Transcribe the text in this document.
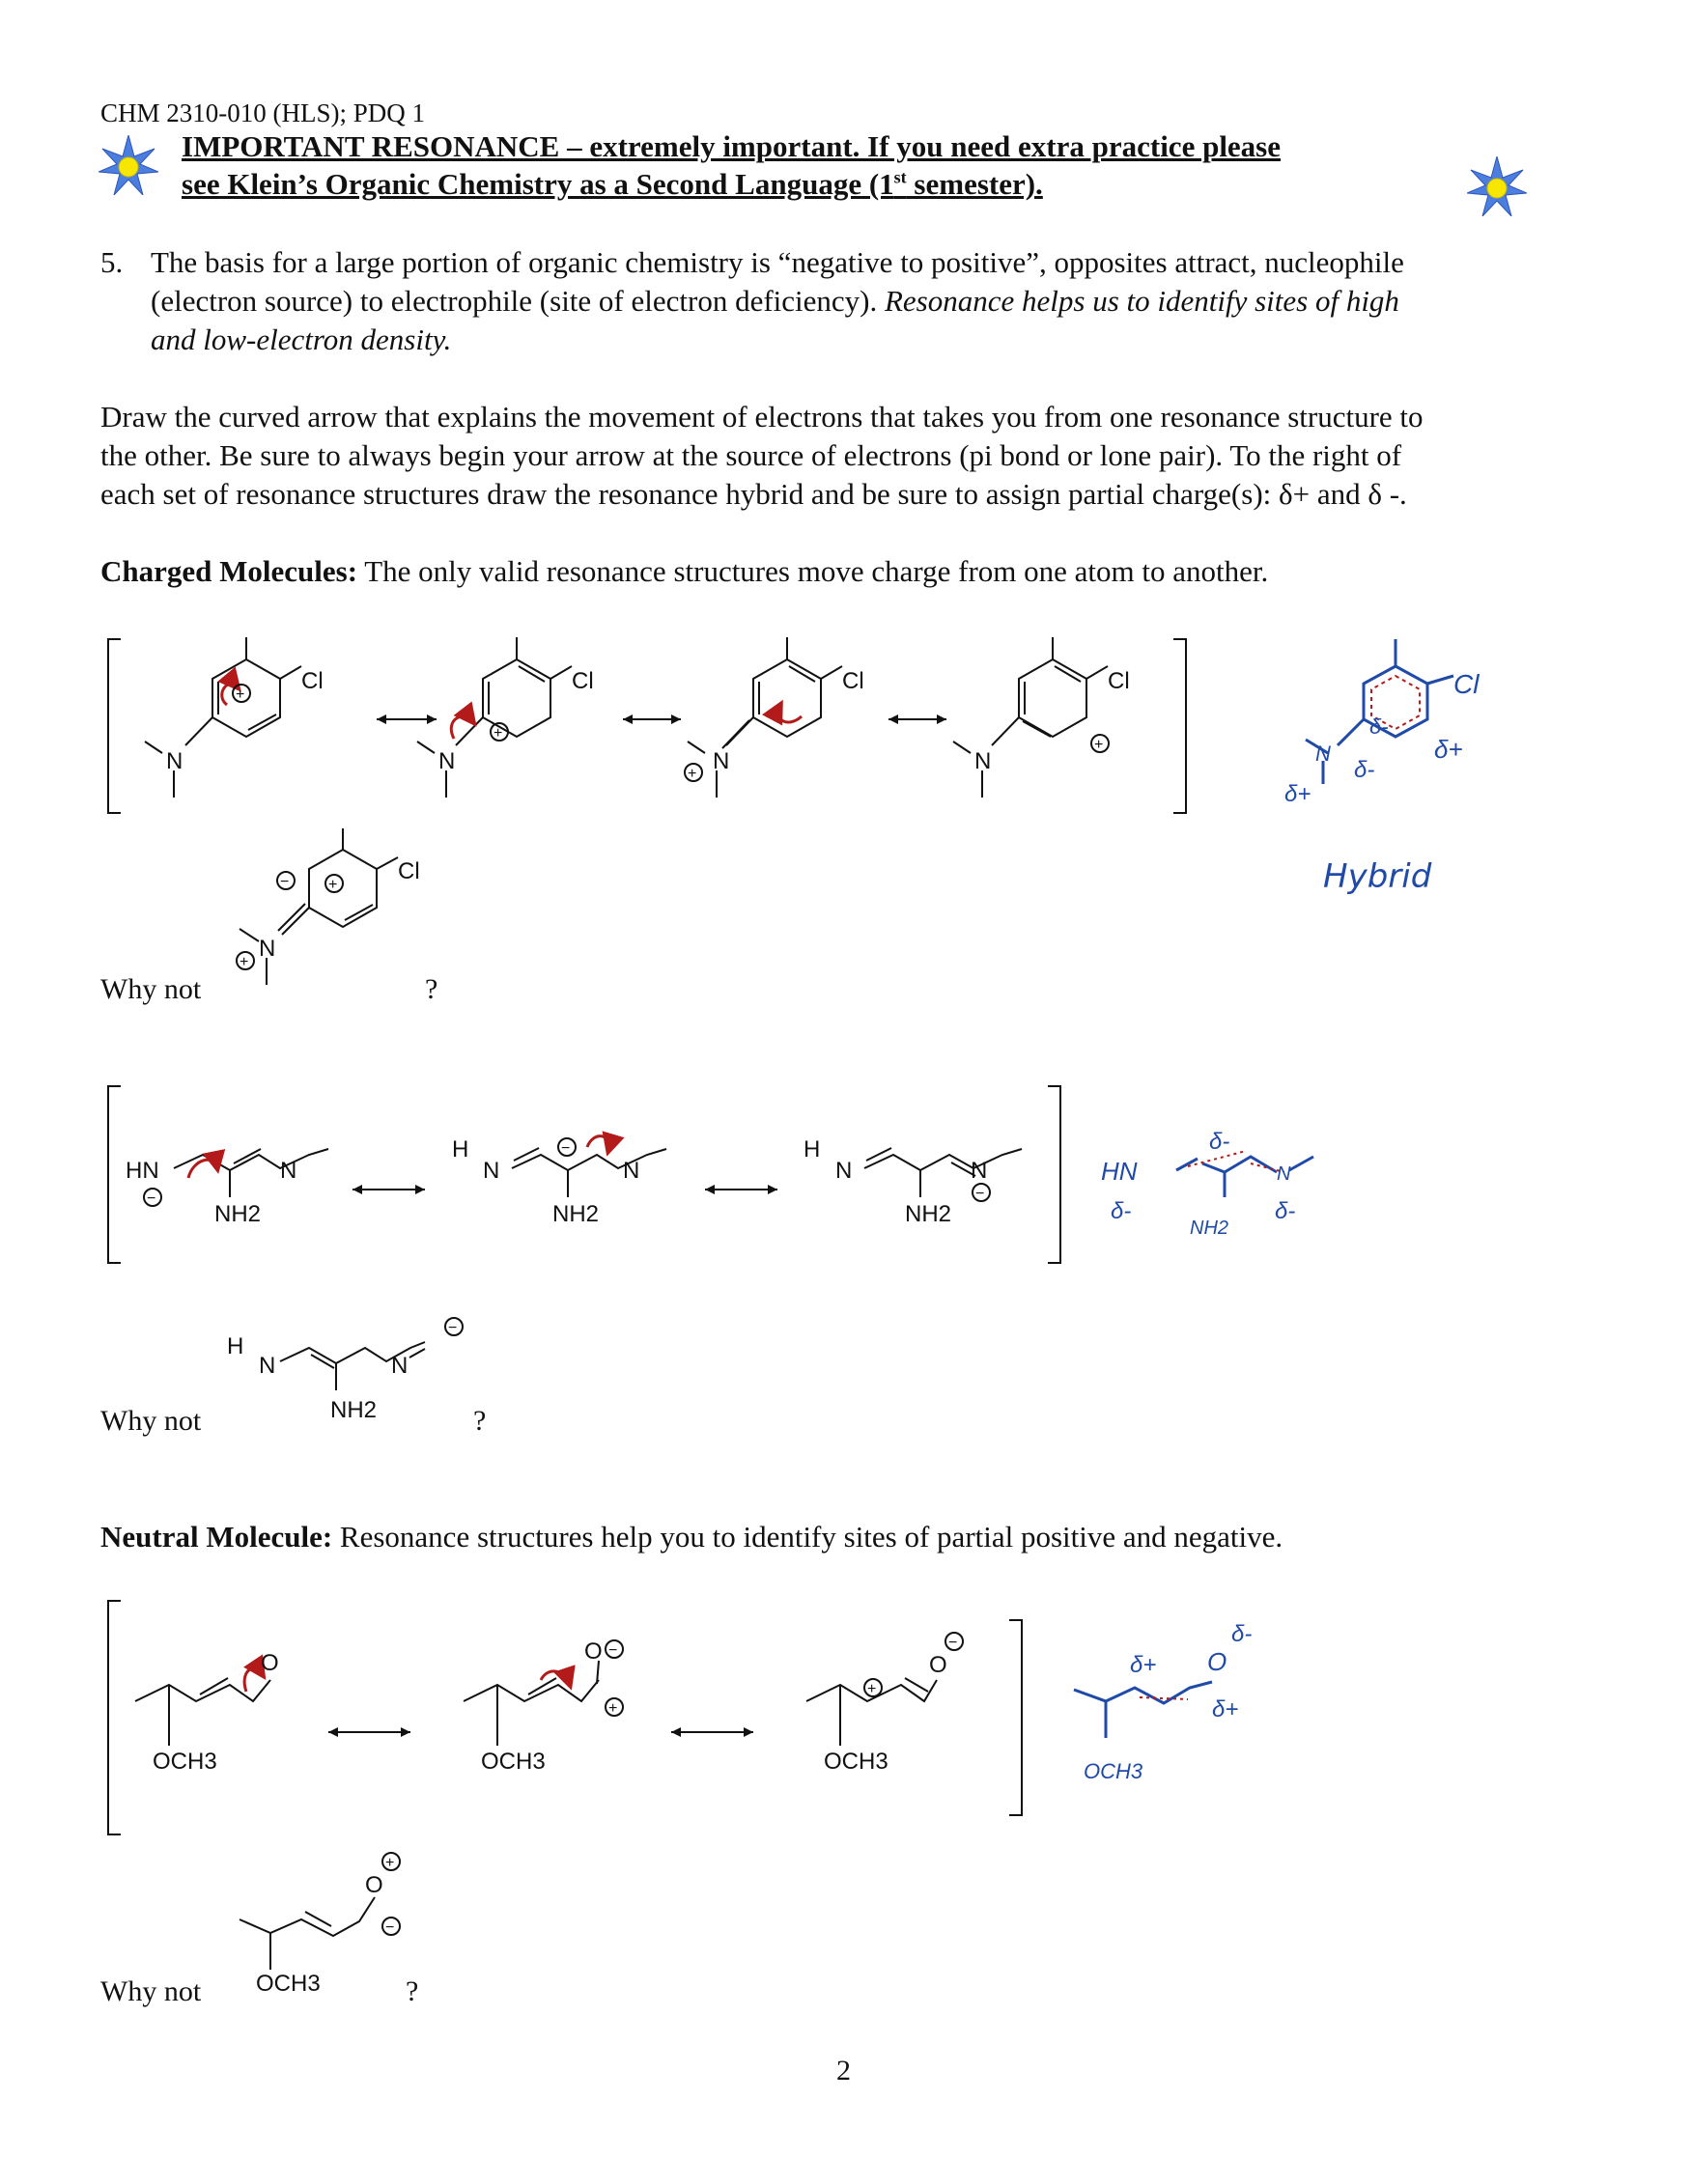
CHM 2310-010 (HLS); PDQ 1
IMPORTANT RESONANCE – extremely important. If you need extra practice please
see Klein’s Organic Chemistry as a Second Language (1st semester).
5. The basis for a large portion of organic chemistry is “negative to positive”, opposites attract, nucleophile
(electron source) to electrophile (site of electron deficiency). Resonance helps us to identify sites of high
and low-electron density.
Draw the curved arrow that explains the movement of electrons that takes you from one resonance structure to
the other. Be sure to always begin your arrow at the source of electrons (pi bond or lone pair). To the right of
each set of resonance structures draw the resonance hybrid and be sure to assign partial charge(s): δ+ and δ -.
Charged Molecules: The only valid resonance structures move charge from one atom to another.
Cl
N
+
Cl
N
+
Cl
N
+
Cl
N
+
Cl
N
δ+
δ-
δ-
δ+
Cl
N
−	+
+
HN	N
NH2
−
H
N	N
NH2
−	H
N	N
NH2
−
HN
δ-
δ-
NH2
N
δ-
H
N	N
NH2
−
O
OCH3
O
OCH3
+
−
O
OCH3
+
−
O
OCH3
δ+
δ-
δ+
O
OCH3
+
−
Hybrid
Why not	?
Why not	?
Neutral Molecule: Resonance structures help you to identify sites of partial positive and negative.
Why not	?
2
